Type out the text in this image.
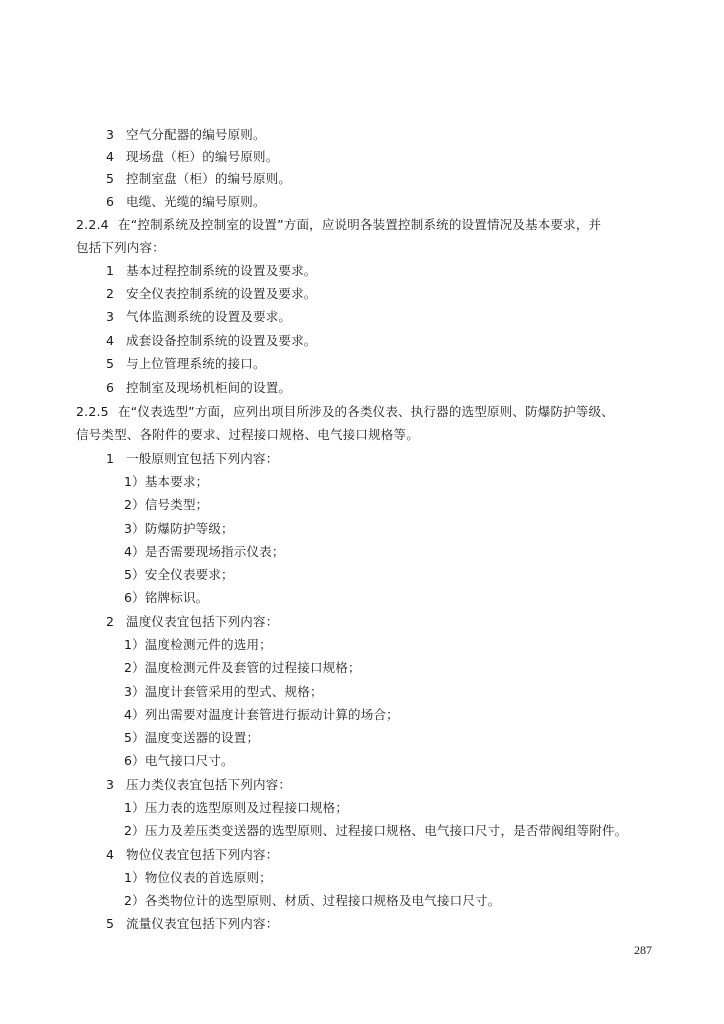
3 空气分配器的编号原则。
4 现场盘（柜）的编号原则。
5 控制室盘（柜）的编号原则。
6 电缆、光缆的编号原则。
2.2.4 在“控制系统及控制室的设置”方面，应说明各装置控制系统的设置情况及基本要求，并
包括下列内容：
1 基本过程控制系统的设置及要求。
2 安全仪表控制系统的设置及要求。
3 气体监测系统的设置及要求。
4 成套设备控制系统的设置及要求。
5 与上位管理系统的接口。
6 控制室及现场机柜间的设置。
2.2.5 在“仪表选型”方面，应列出项目所涉及的各类仪表、执行器的选型原则、防爆防护等级、
信号类型、各附件的要求、过程接口规格、电气接口规格等。
1 一般原则宜包括下列内容：
1）基本要求；
2）信号类型；
3）防爆防护等级；
4）是否需要现场指示仪表；
5）安全仪表要求；
6）铭牌标识。
2 温度仪表宜包括下列内容：
1）温度检测元件的选用；
2）温度检测元件及套管的过程接口规格；
3）温度计套管采用的型式、规格；
4）列出需要对温度计套管进行振动计算的场合；
5）温度变送器的设置；
6）电气接口尺寸。
3 压力类仪表宜包括下列内容：
1）压力表的选型原则及过程接口规格；
2）压力及差压类变送器的选型原则、过程接口规格、电气接口尺寸，是否带阀组等附件。
4 物位仪表宜包括下列内容：
1）物位仪表的首选原则；
2）各类物位计的选型原则、材质、过程接口规格及电气接口尺寸。
5 流量仪表宜包括下列内容：
287
